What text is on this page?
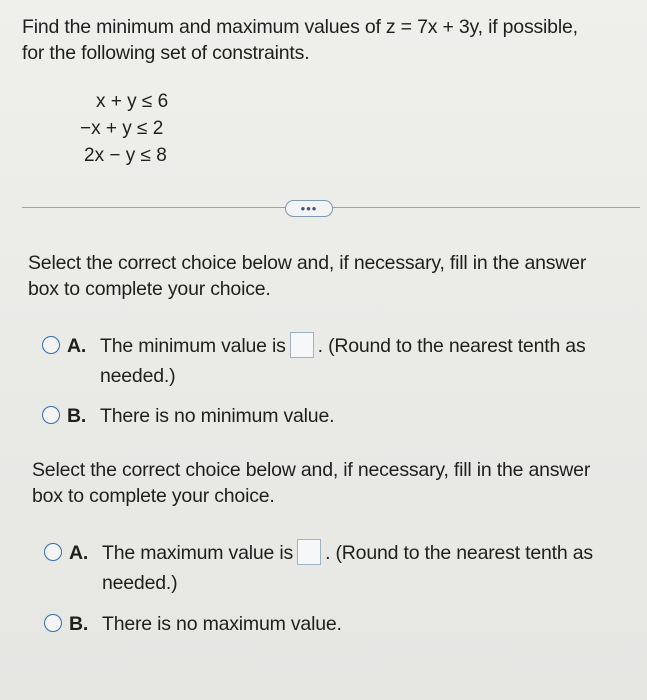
Find the minimum and maximum values of z = 7x + 3y, if possible,
for the following set of constraints.
x + y ≤ 6
−x + y ≤ 2
2x − y ≤ 8
•••
Select the correct choice below and, if necessary, fill in the answer
box to complete your choice.
A. The minimum value is . (Round to the nearest tenth as
needed.)
B. There is no minimum value.
Select the correct choice below and, if necessary, fill in the answer
box to complete your choice.
A. The maximum value is . (Round to the nearest tenth as
needed.)
B. There is no maximum value.
